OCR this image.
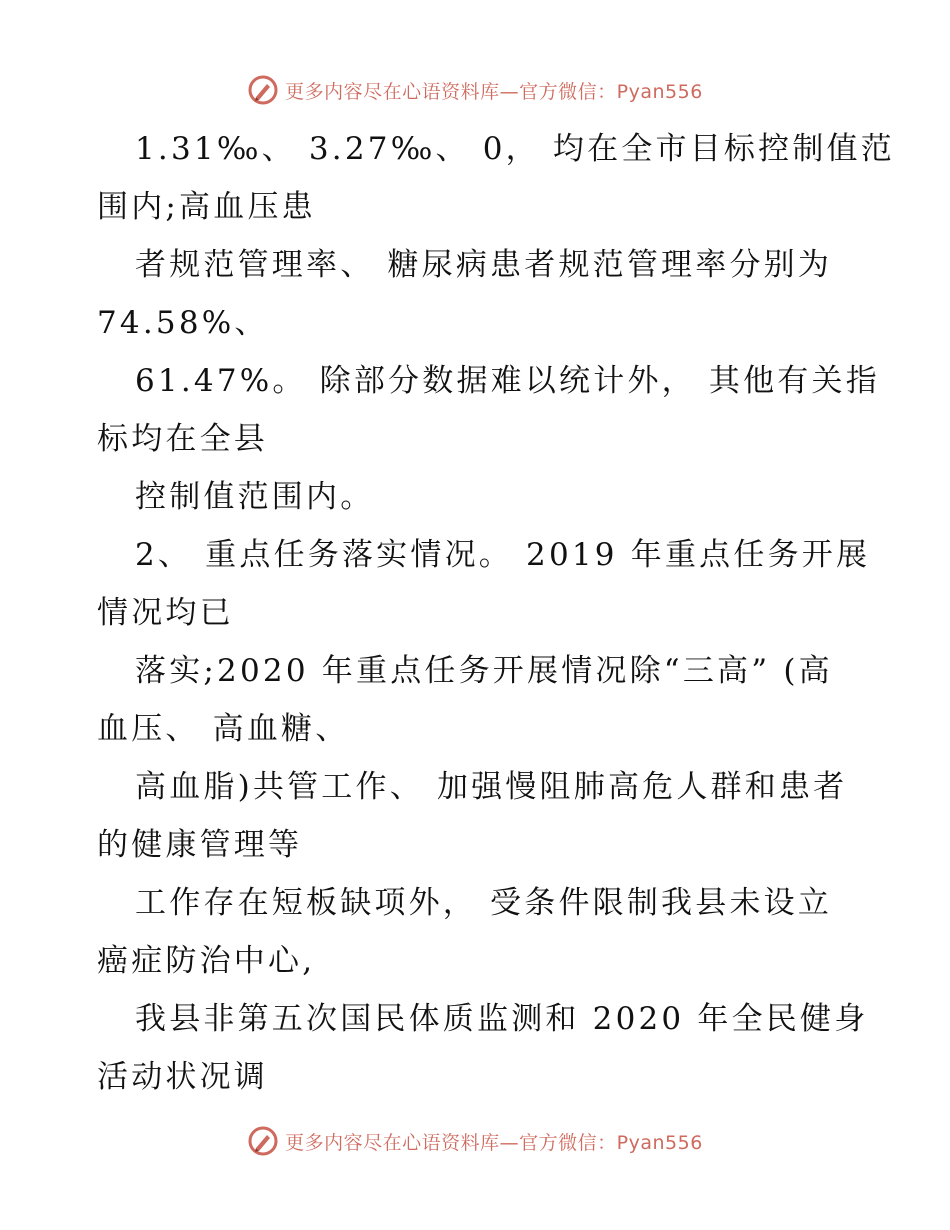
更多内容尽在心语资料库—官方微信：Pyan556

1.31‰、 3.27‰、 0， 均在全市目标控制值范

围内;高血压患

者规范管理率、 糖尿病患者规范管理率分别为

74.58%、

61.47%。 除部分数据难以统计外， 其他有关指

标均在全县

控制值范围内。

2、 重点任务落实情况。 2019 年重点任务开展

情况均已

落实;2020 年重点任务开展情况除“三高” (高

血压、 高血糖、

高血脂)共管工作、 加强慢阻肺高危人群和患者

的健康管理等

工作存在短板缺项外， 受条件限制我县未设立

癌症防治中心,

我县非第五次国民体质监测和 2020 年全民健身

活动状况调

更多内容尽在心语资料库—官方微信：Pyan556
